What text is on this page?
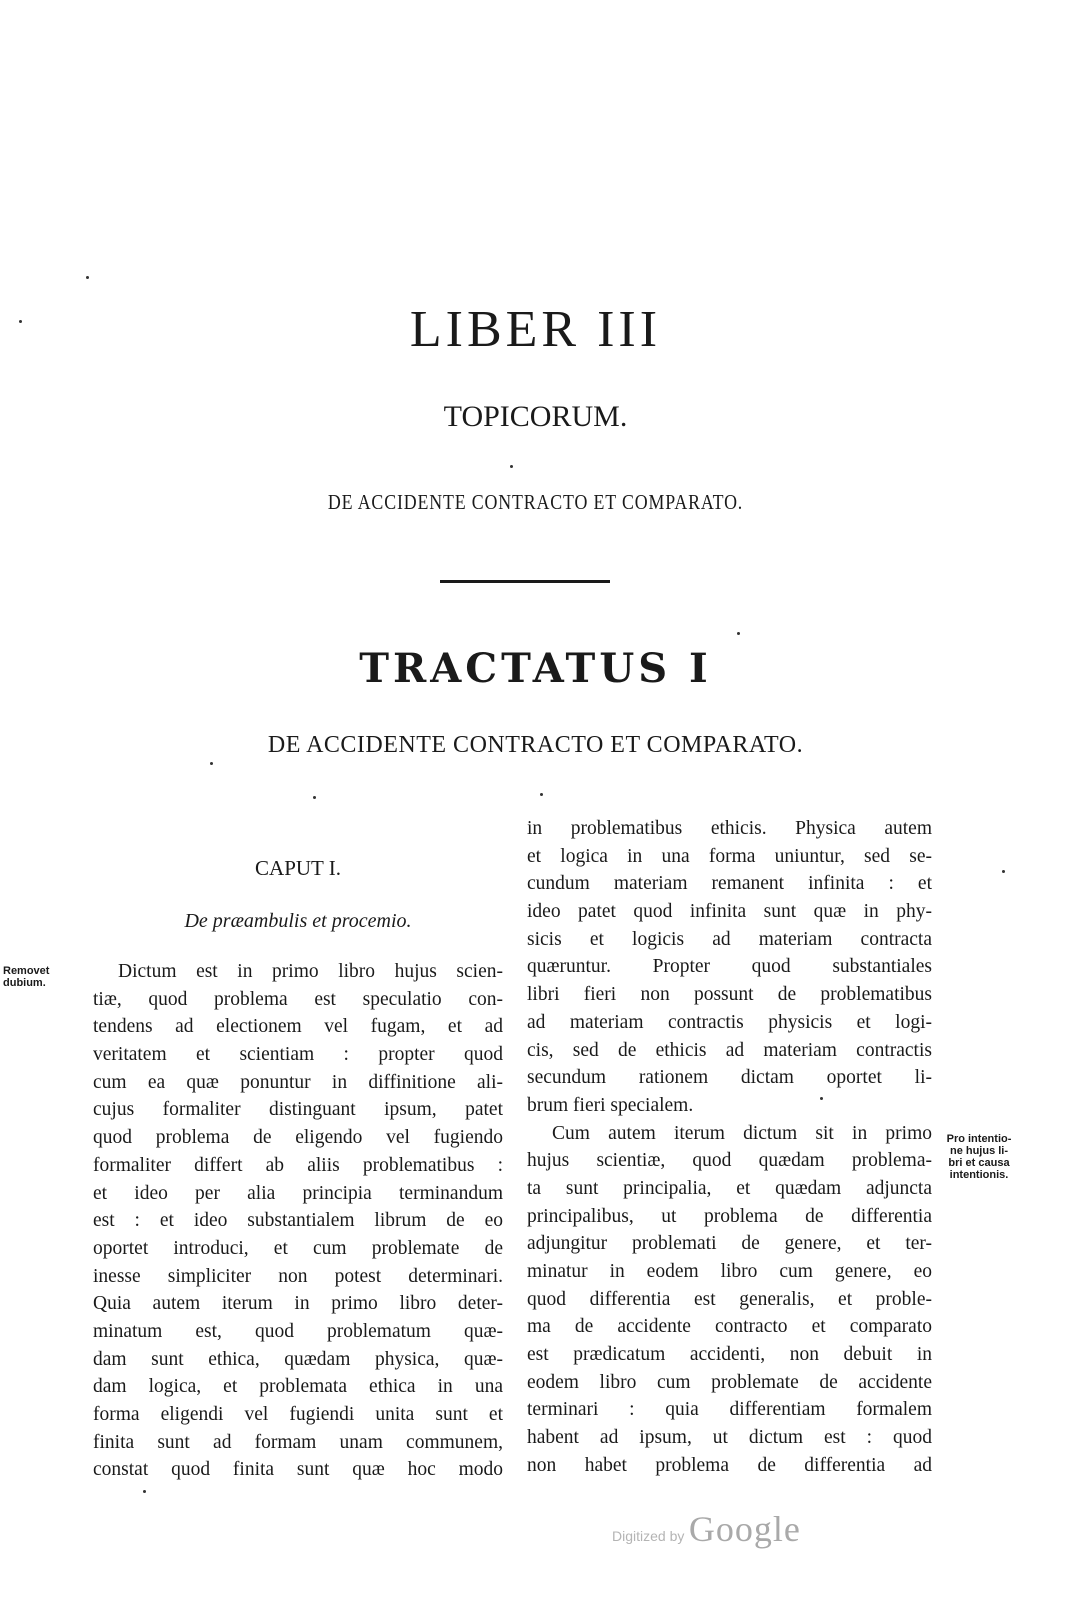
LIBER III
TOPICORUM.
DE ACCIDENTE CONTRACTO ET COMPARATO.
TRACTATUS I
DE ACCIDENTE CONTRACTO ET COMPARATO.
CAPUT I.
De præambulis et procemio.
Removet
dubium.
Pro intentio-
ne hujus li-
bri et causa
intentionis.
Dictum est in primo libro hujus scien-
tiæ, quod problema est speculatio con-
tendens ad electionem vel fugam, et ad
veritatem et scientiam : propter quod
cum ea quæ ponuntur in diffinitione ali-
cujus formaliter distinguant ipsum, patet
quod problema de eligendo vel fugiendo
formaliter differt ab aliis problematibus :
et ideo per alia principia terminandum
est : et ideo substantialem librum de eo
oportet introduci, et cum problemate de
inesse simpliciter non potest determinari.
Quia autem iterum in primo libro deter-
minatum est, quod problematum quæ-
dam sunt ethica, quædam physica, quæ-
dam logica, et problemata ethica in una
forma eligendi vel fugiendi unita sunt et
finita sunt ad formam unam communem,
constat quod finita sunt quæ hoc modo
in problematibus ethicis. Physica autem
et logica in una forma uniuntur, sed se-
cundum materiam remanent infinita : et
ideo patet quod infinita sunt quæ in phy-
sicis et logicis ad materiam contracta
quæruntur. Propter quod substantiales
libri fieri non possunt de problematibus
ad materiam contractis physicis et logi-
cis, sed de ethicis ad materiam contractis
secundum rationem dictam oportet li-
brum fieri specialem.
Cum autem iterum dictum sit in primo
hujus scientiæ, quod quædam problema-
ta sunt principalia, et quædam adjuncta
principalibus, ut problema de differentia
adjungitur problemati de genere, et ter-
minatur in eodem libro cum genere, eo
quod differentia est generalis, et proble-
ma de accidente contracto et comparato
est prædicatum accidenti, non debuit in
eodem libro cum problemate de accidente
terminari : quia differentiam formalem
habent ad ipsum, ut dictum est : quod
non habet problema de differentia ad
Digitized by Google
